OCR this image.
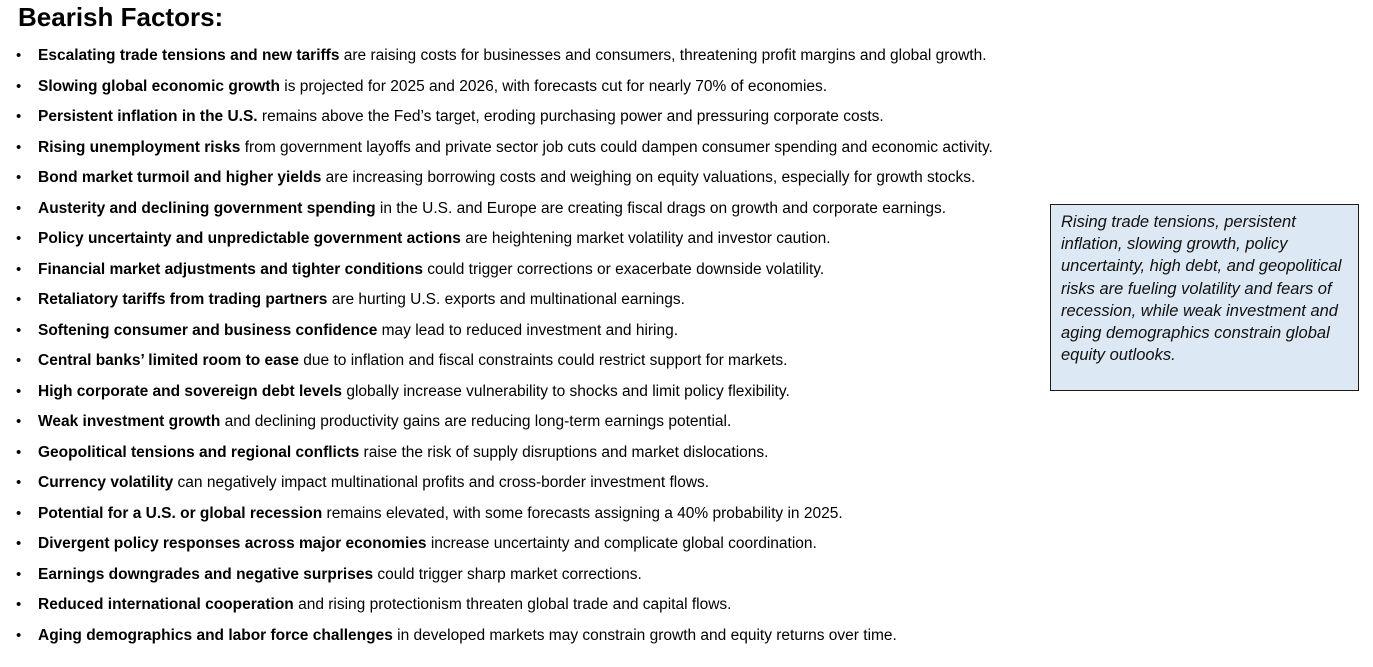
Bearish Factors:
• Escalating trade tensions and new tariffs are raising costs for businesses and consumers, threatening profit margins and global growth.
• Slowing global economic growth is projected for 2025 and 2026, with forecasts cut for nearly 70% of economies.
• Persistent inflation in the U.S. remains above the Fed’s target, eroding purchasing power and pressuring corporate costs.
• Rising unemployment risks from government layoffs and private sector job cuts could dampen consumer spending and economic activity.
• Bond market turmoil and higher yields are increasing borrowing costs and weighing on equity valuations, especially for growth stocks.
• Austerity and declining government spending in the U.S. and Europe are creating fiscal drags on growth and corporate earnings.
• Policy uncertainty and unpredictable government actions are heightening market volatility and investor caution.
• Financial market adjustments and tighter conditions could trigger corrections or exacerbate downside volatility.
• Retaliatory tariffs from trading partners are hurting U.S. exports and multinational earnings.
• Softening consumer and business confidence may lead to reduced investment and hiring.
• Central banks’ limited room to ease due to inflation and fiscal constraints could restrict support for markets.
• High corporate and sovereign debt levels globally increase vulnerability to shocks and limit policy flexibility.
• Weak investment growth and declining productivity gains are reducing long-term earnings potential.
• Geopolitical tensions and regional conflicts raise the risk of supply disruptions and market dislocations.
• Currency volatility can negatively impact multinational profits and cross-border investment flows.
• Potential for a U.S. or global recession remains elevated, with some forecasts assigning a 40% probability in 2025.
• Divergent policy responses across major economies increase uncertainty and complicate global coordination.
• Earnings downgrades and negative surprises could trigger sharp market corrections.
• Reduced international cooperation and rising protectionism threaten global trade and capital flows.
• Aging demographics and labor force challenges in developed markets may constrain growth and equity returns over time.
Rising trade tensions, persistent inflation, slowing growth, policy uncertainty, high debt, and geopolitical risks are fueling volatility and fears of recession, while weak investment and aging demographics constrain global equity outlooks.
